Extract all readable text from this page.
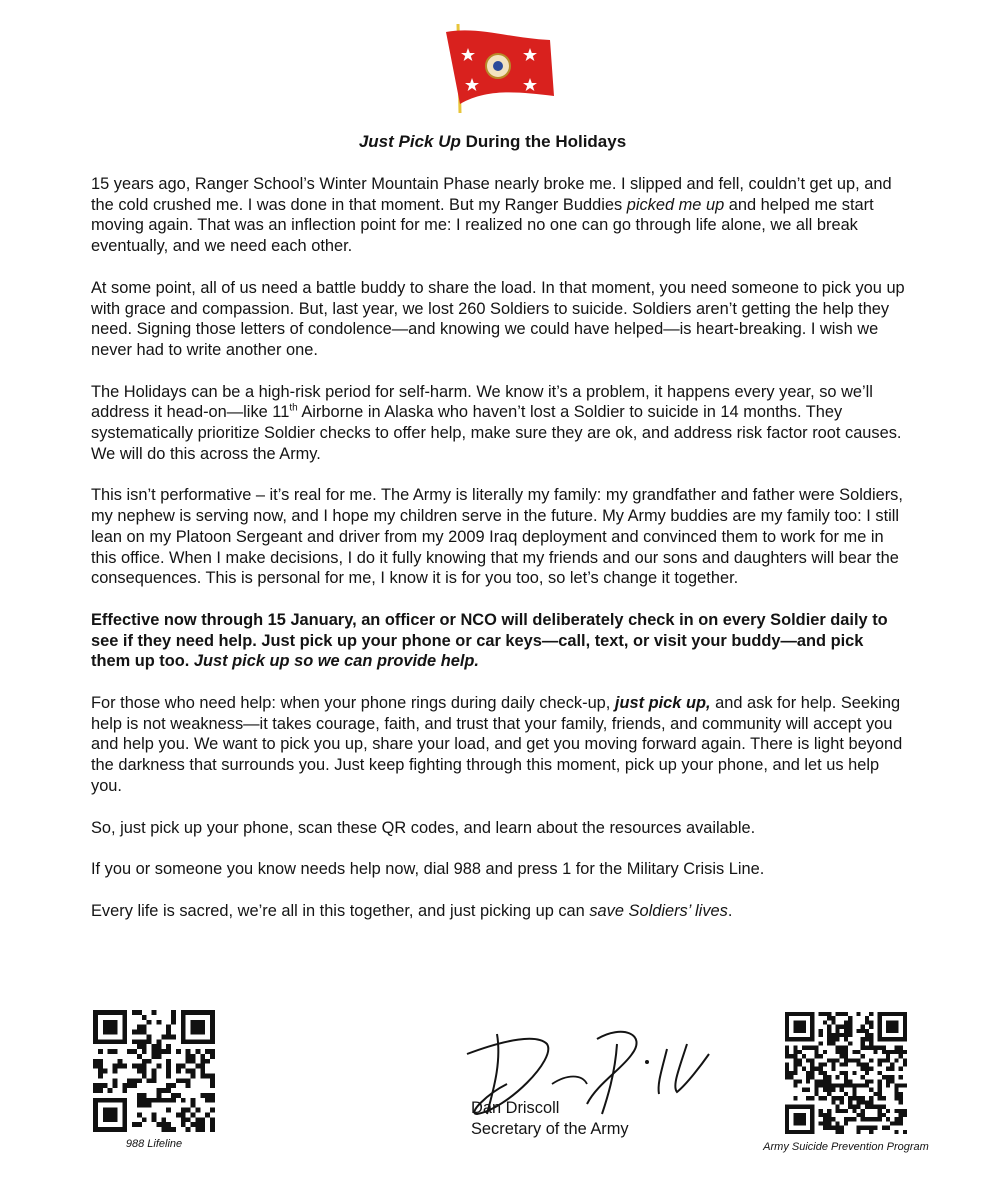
Just Pick Up During the Holidays

15 years ago, Ranger School’s Winter Mountain Phase nearly broke me. I slipped and fell, couldn’t get up, and the cold crushed me. I was done in that moment. But my Ranger Buddies picked me up and helped me start moving again. That was an inflection point for me: I realized no one can go through life alone, we all break eventually, and we need each other.

At some point, all of us need a battle buddy to share the load. In that moment, you need someone to pick you up with grace and compassion. But, last year, we lost 260 Soldiers to suicide. Soldiers aren’t getting the help they need. Signing those letters of condolence—and knowing we could have helped—is heart-breaking. I wish we never had to write another one.

The Holidays can be a high-risk period for self-harm. We know it’s a problem, it happens every year, so we’ll address it head-on—like 11th Airborne in Alaska who haven’t lost a Soldier to suicide in 14 months. They systematically prioritize Soldier checks to offer help, make sure they are ok, and address risk factor root causes. We will do this across the Army.

This isn’t performative – it’s real for me. The Army is literally my family: my grandfather and father were Soldiers, my nephew is serving now, and I hope my children serve in the future. My Army buddies are my family too: I still lean on my Platoon Sergeant and driver from my 2009 Iraq deployment and convinced them to work for me in this office. When I make decisions, I do it fully knowing that my friends and our sons and daughters will bear the consequences. This is personal for me, I know it is for you too, so let’s change it together.

Effective now through 15 January, an officer or NCO will deliberately check in on every Soldier daily to see if they need help. Just pick up your phone or car keys—call, text, or visit your buddy—and pick them up too. Just pick up so we can provide help.

For those who need help: when your phone rings during daily check-up, just pick up, and ask for help. Seeking help is not weakness—it takes courage, faith, and trust that your family, friends, and community will accept you and help you. We want to pick you up, share your load, and get you moving forward again. There is light beyond the darkness that surrounds you. Just keep fighting through this moment, pick up your phone, and let us help you.

So, just pick up your phone, scan these QR codes, and learn about the resources available.

If you or someone you know needs help now, dial 988 and press 1 for the Military Crisis Line.

Every life is sacred, we’re all in this together, and just picking up can save Soldiers’ lives.

988 Lifeline	Army Suicide Prevention Program

Dan Driscoll
Secretary of the Army
